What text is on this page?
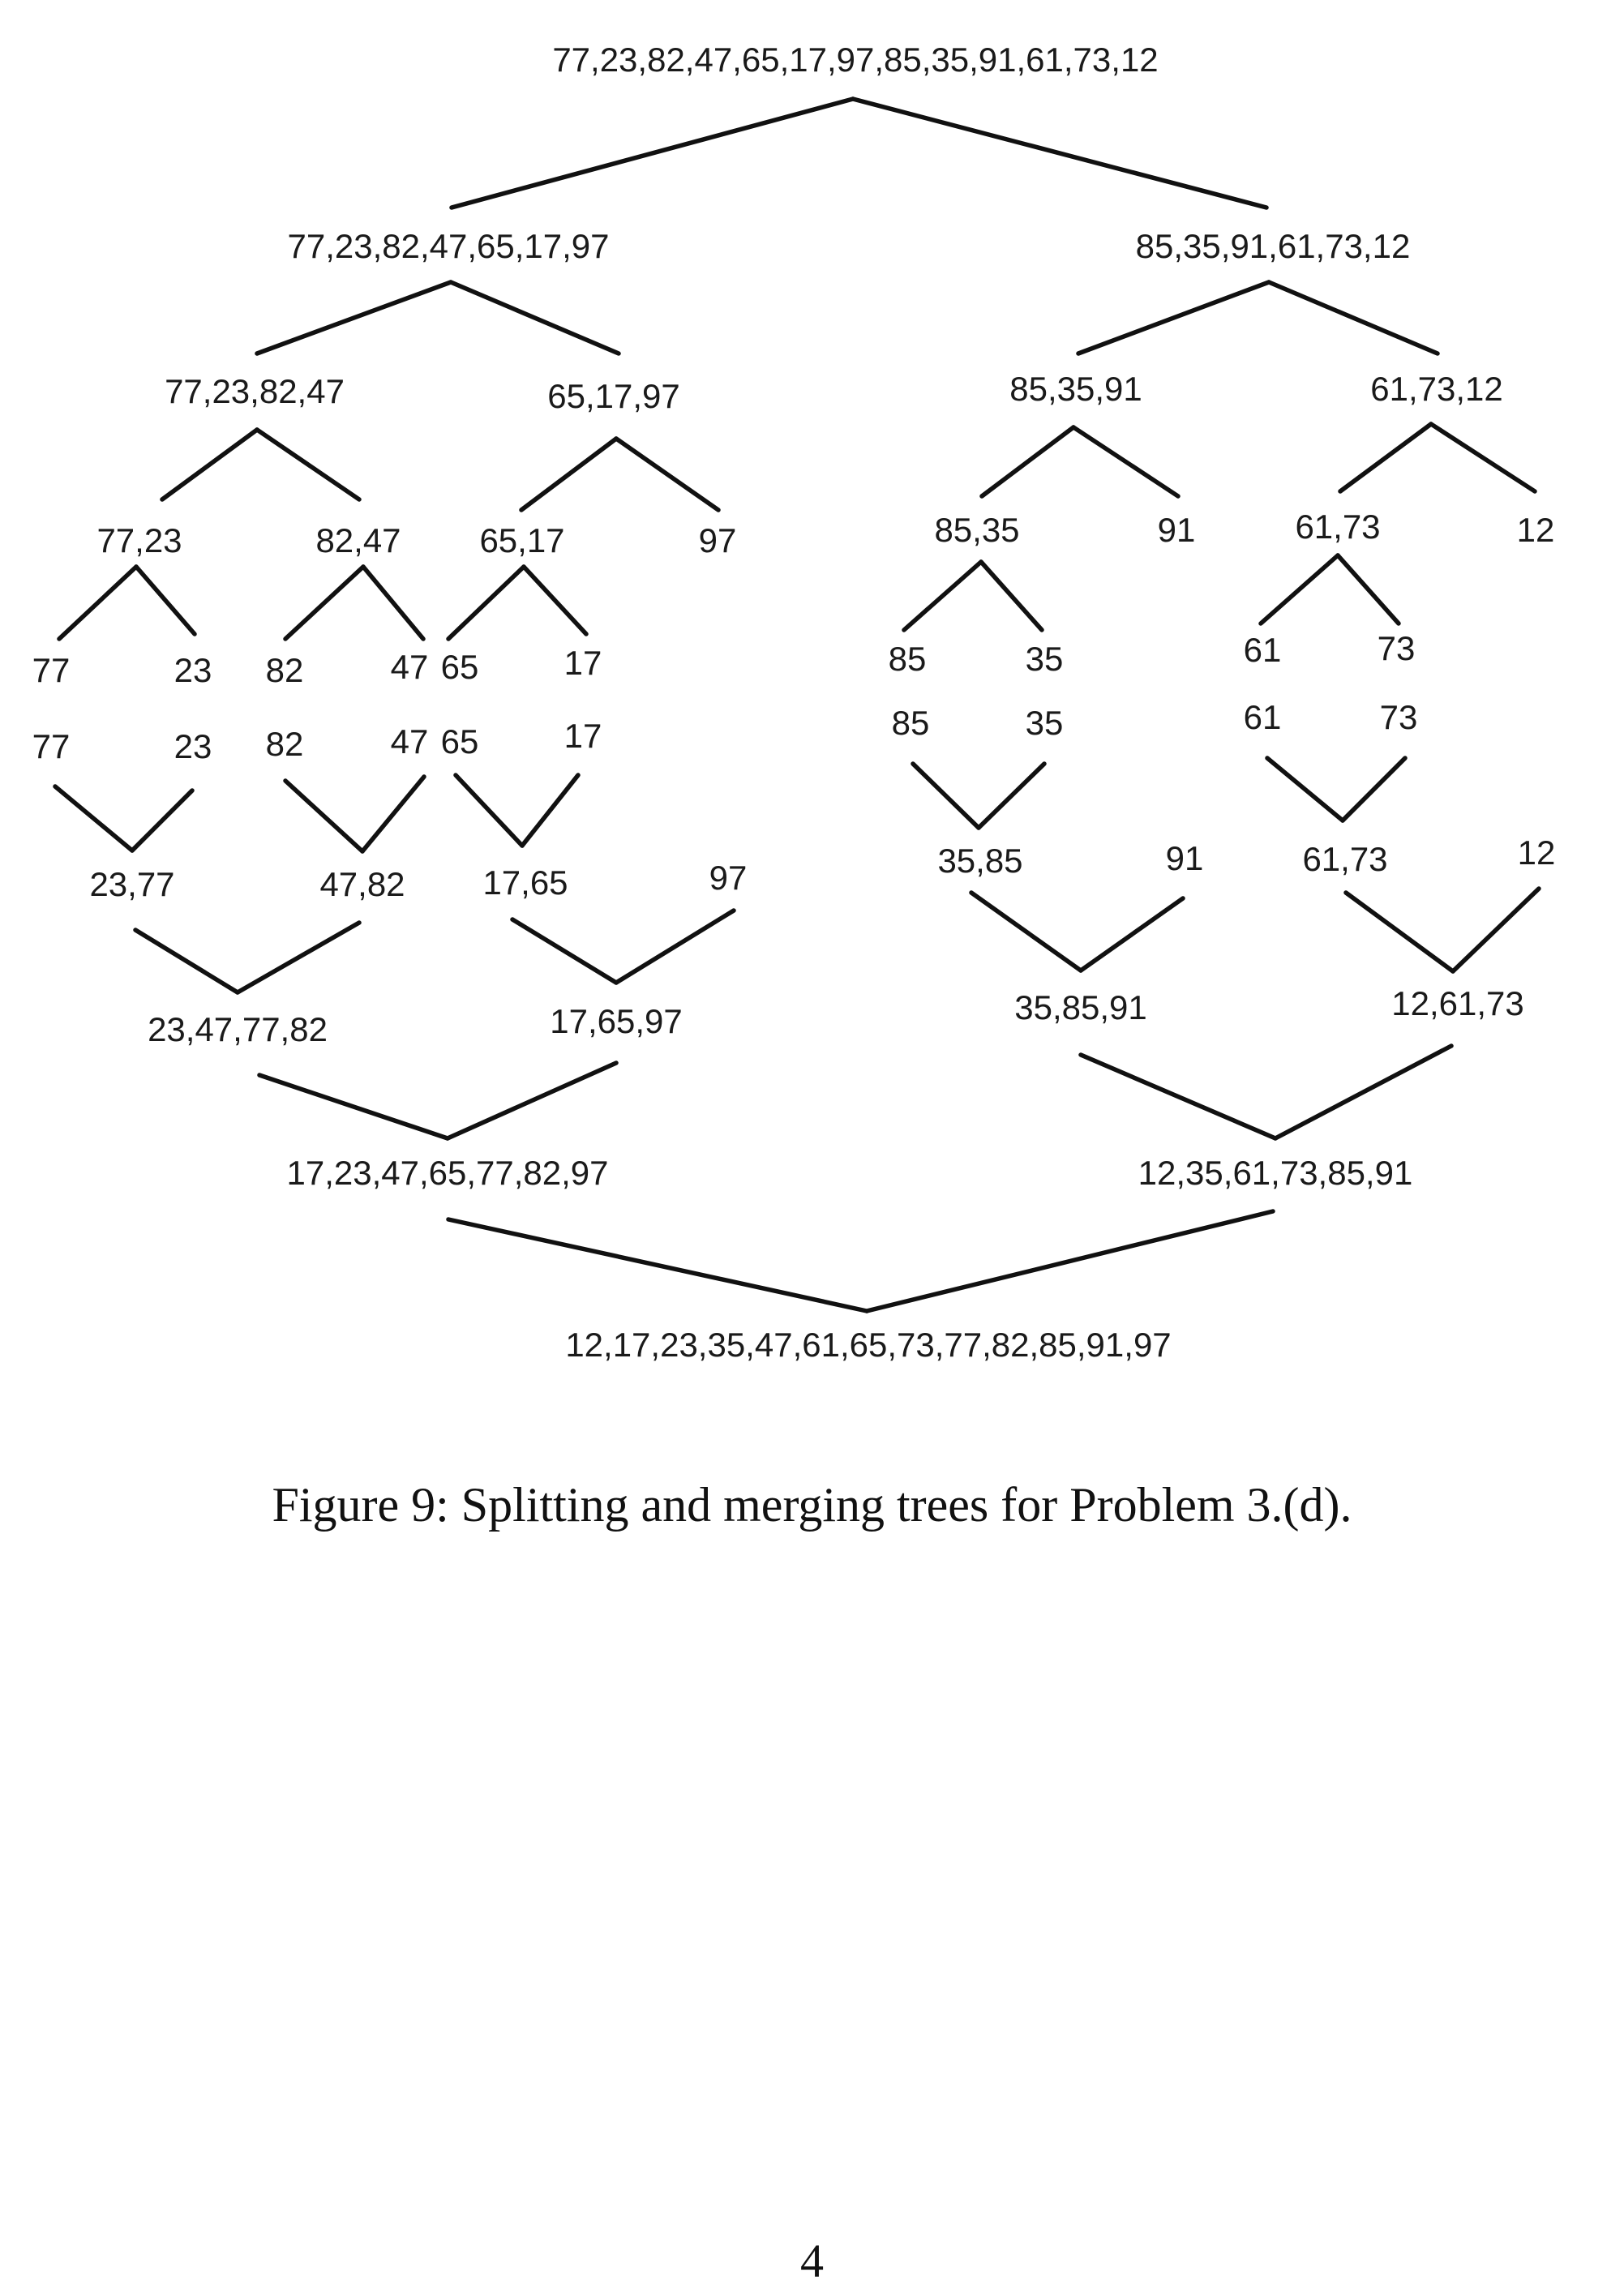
77,23,82,47,65,17,97,85,35,91,61,73,12
77,23,82,47,65,17,97	85,35,91,61,73,12
77,23,82,47	65,17,97	85,35,91	61,73,12
77,23	82,47 65,17	97	85,35	91	61,73	12
77	23 82	47 65	17	85	35	61	73
77	23 82	47 65	17	85	35	61	73
23,77	47,82 17,65	97	35,85	91	61,73	12
23,47,77,82	17,65,97	35,85,91	12,61,73
17,23,47,65,77,82,97	12,35,61,73,85,91
12,17,23,35,47,61,65,73,77,82,85,91,97
Figure 9: Splitting and merging trees for Problem 3.(d).
4
